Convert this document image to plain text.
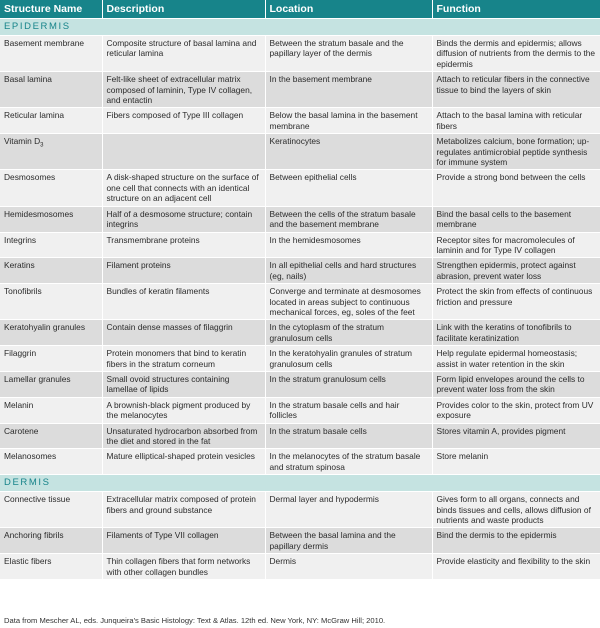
Structure Name	Description	Location	Function
EPIDERMIS			
Basement membrane	Composite structure of basal lamina and reticular lamina	Between the stratum basale and the papillary layer of the dermis	Binds the dermis and epidermis; allows diffusion of nutrients from the dermis to the epidermis
Basal lamina	Felt-like sheet of extracellular matrix composed of laminin, Type IV collagen, and entactin	In the basement membrane	Attach to reticular fibers in the connective tissue to bind the layers of skin
Reticular lamina	Fibers composed of Type III collagen	Below the basal lamina in the basement membrane	Attach to the basal lamina with reticular fibers
Vitamin $D_3$		Keratinocytes	Metabolizes calcium, bone formation; up-regulates antimicrobial peptide synthesis for immune system
Desmosomes	A disk-shaped structure on the surface of one cell that connects with an identical structure on an adjacent cell	Between epithelial cells	Provide a strong bond between the cells
Hemidesmosomes	Half of a desmosome structure; contain integrins	Between the cells of the stratum basale and the basement membrane	Bind the basal cells to the basement membrane
Integrins	Transmembrane proteins	In the hemidesmosomes	Receptor sites for macromolecules of laminin and for Type IV collagen
Keratins	Filament proteins	In all epithelial cells and hard structures (eg, nails)	Strengthen epidermis, protect against abrasion, prevent water loss
Tonofibrils	Bundles of keratin filaments	Converge and terminate at desmosomes located in areas subject to continuous mechanical forces, eg, soles of the feet	Protect the skin from effects of continuous friction and pressure
Keratohyalin granules	Contain dense masses of filaggrin	In the cytoplasm of the stratum granulosum cells	Link with the keratins of tonofibrils to facilitate keratinization
Filaggrin	Protein monomers that bind to keratin fibers in the stratum corneum	In the keratohyalin granules of stratum granulosum cells	Help regulate epidermal homeostasis; assist in water retention in the skin
Lamellar granules	Small ovoid structures containing lamellae of lipids	In the stratum granulosum cells	Form lipid envelopes around the cells to prevent water loss from the skin
Melanin	A brownish-black pigment produced by the melanocytes	In the stratum basale cells and hair follicles	Provides color to the skin, protect from UV exposure
Carotene	Unsaturated hydrocarbon absorbed from the diet and stored in the fat	In the stratum basale cells	Stores vitamin A, provides pigment
Melanosomes	Mature elliptical-shaped protein vesicles	In the melanocytes of the stratum basale and stratum spinosa	Store melanin
DERMIS			
Connective tissue	Extracellular matrix composed of protein fibers and ground substance	Dermal layer and hypodermis	Gives form to all organs, connects and binds tissues and cells, allows diffusion of nutrients and waste products
Anchoring fibrils	Filaments of Type VII collagen	Between the basal lamina and the papillary dermis	Bind the dermis to the epidermis
Elastic fibers	Thin collagen fibers that form networks with other collagen bundles	Dermis	Provide elasticity and flexibility to the skin
Data from Mescher AL, eds. Junqueira's Basic Histology: Text & Atlas. 12th ed. New York, NY: McGraw Hill; 2010.
